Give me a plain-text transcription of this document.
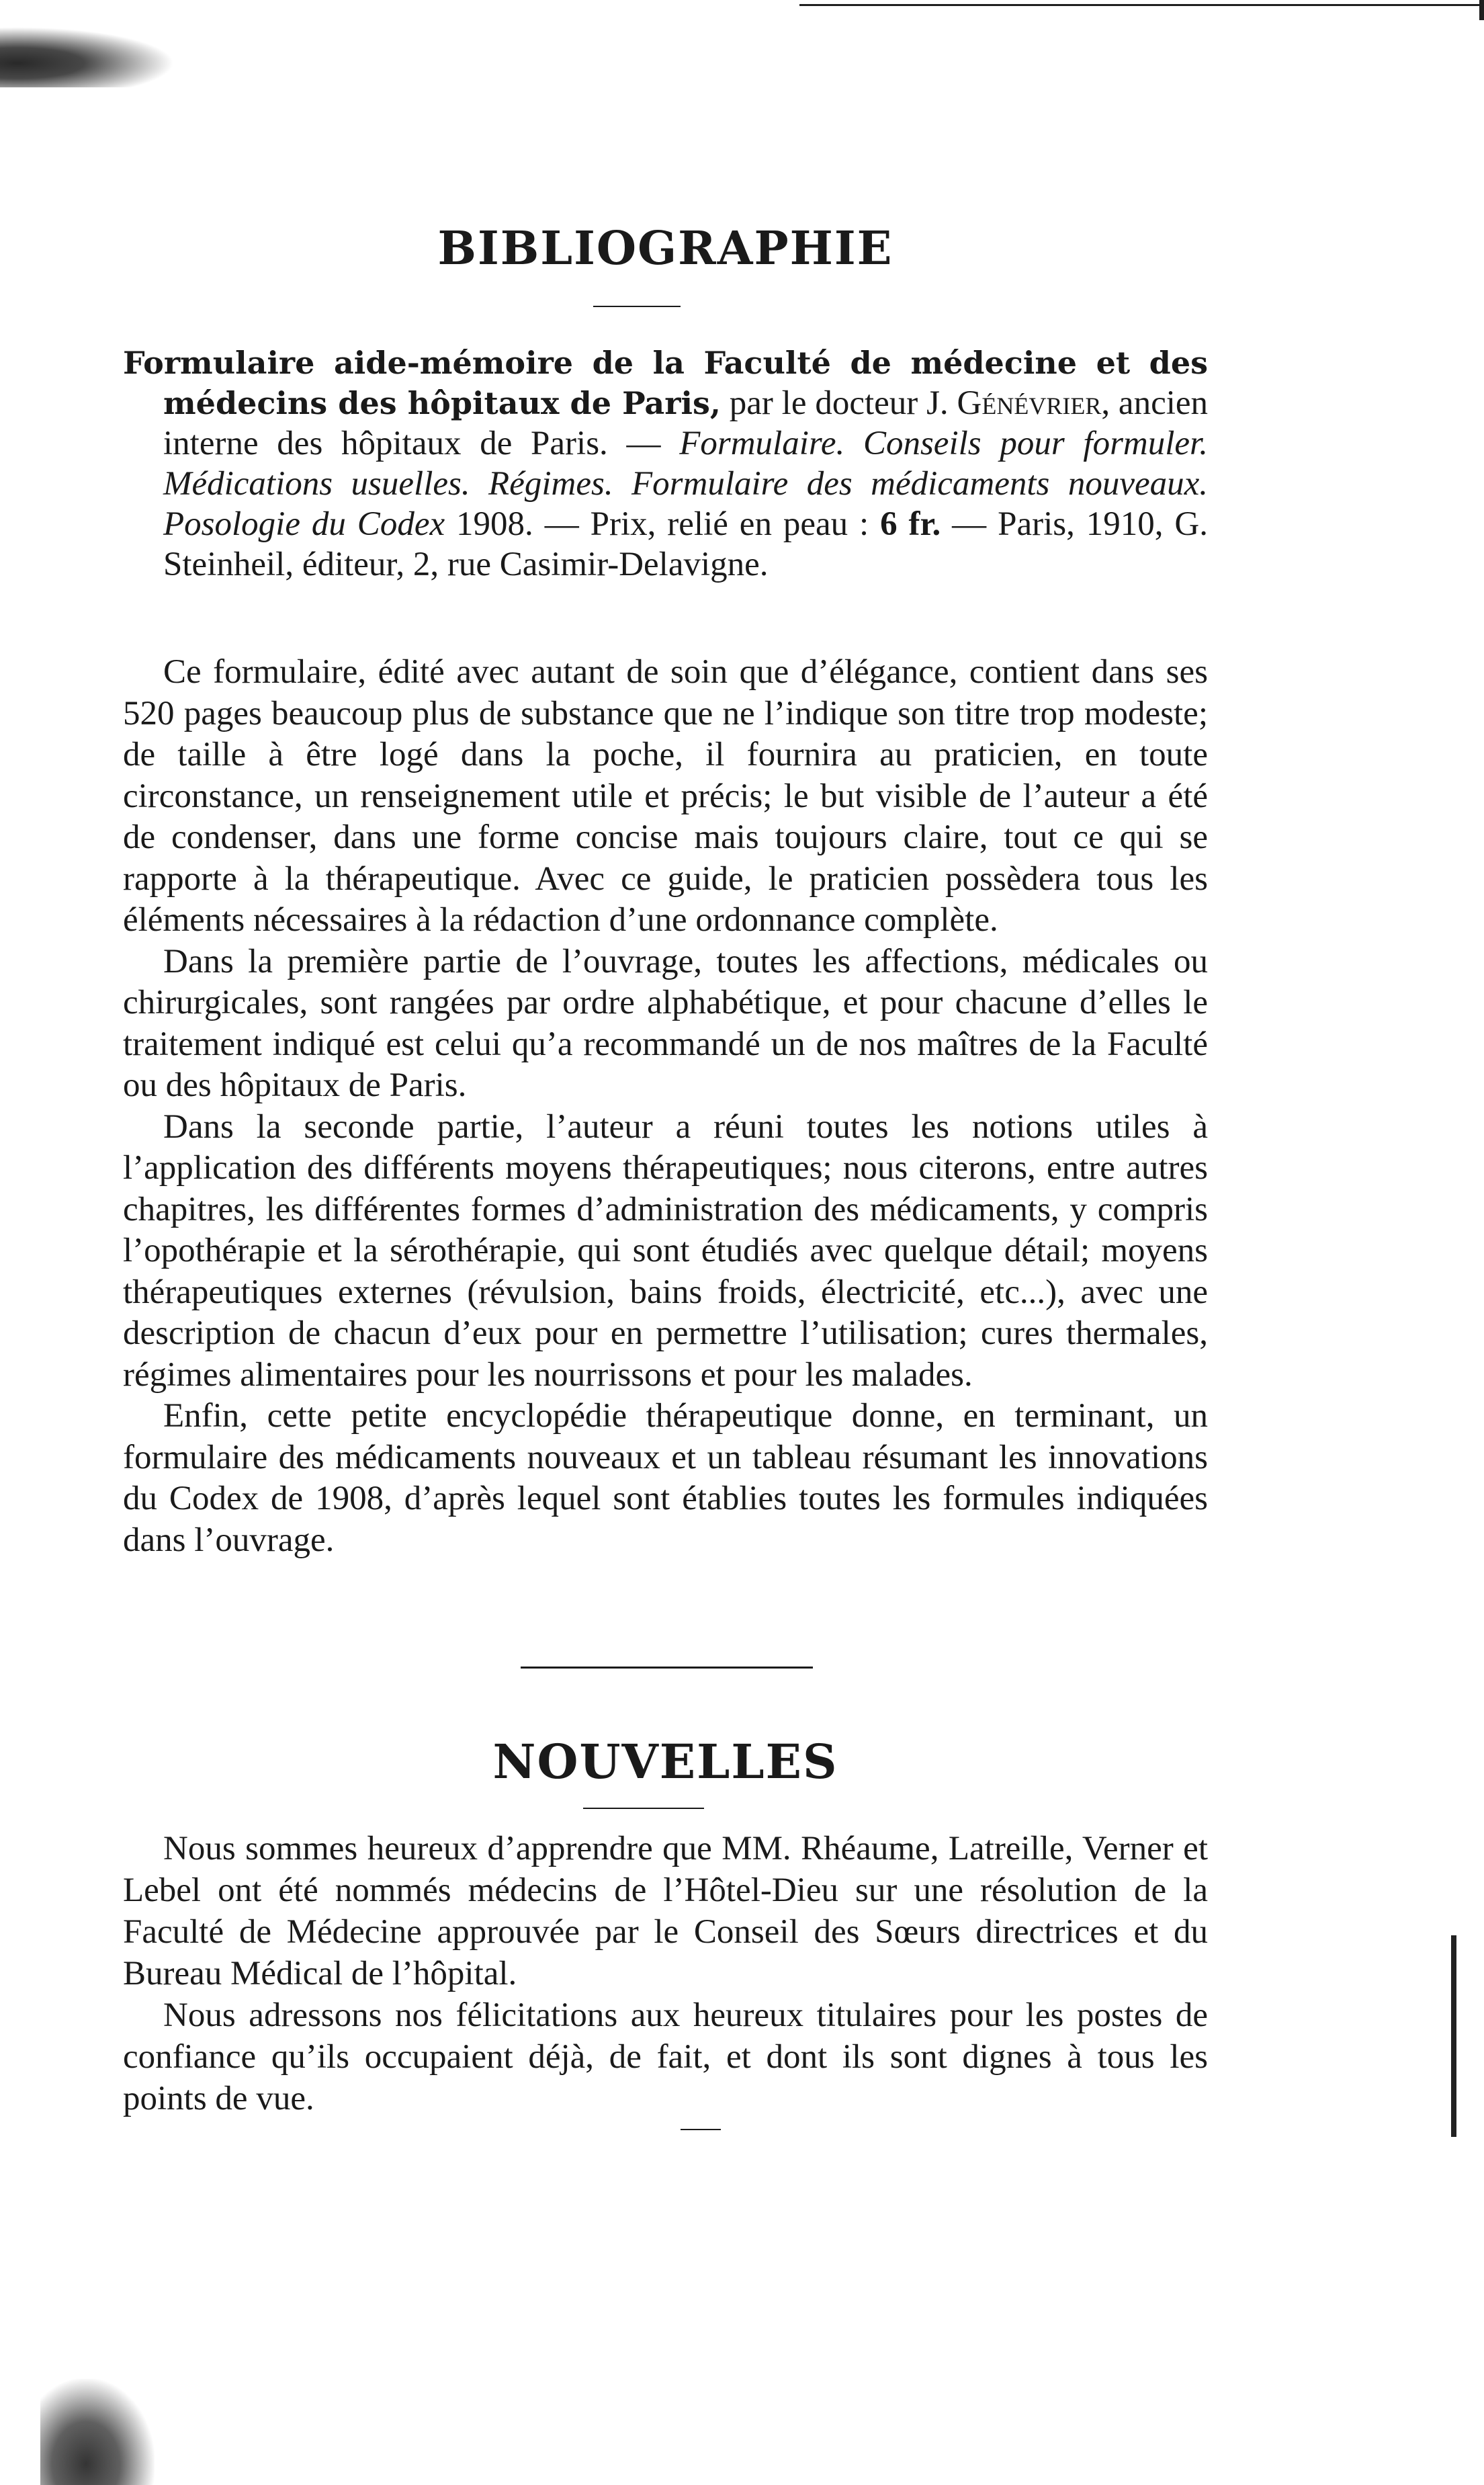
BIBLIOGRAPHIE
Formulaire aide-mémoire de la Faculté de médecine et des médecins des hôpitaux de Paris, par le docteur J. Génévrier, ancien interne des hôpitaux de Paris. — Formulaire. Conseils pour formuler. Médications usuelles. Régimes. Formulaire des médicaments nouveaux. Posologie du Codex 1908. — Prix, relié en peau : 6 fr. — Paris, 1910, G. Steinheil, éditeur, 2, rue Casimir-Delavigne.

Ce formulaire, édité avec autant de soin que d’élégance, contient dans ses 520 pages beaucoup plus de substance que ne l’indique son titre trop modeste; de taille à être logé dans la poche, il fournira au praticien, en toute circonstance, un renseignement utile et précis; le but visible de l’auteur a été de condenser, dans une forme concise mais toujours claire, tout ce qui se rapporte à la thérapeutique. Avec ce guide, le praticien possèdera tous les éléments nécessaires à la rédaction d’une ordonnance complète.

Dans la première partie de l’ouvrage, toutes les affections, médicales ou chirurgicales, sont rangées par ordre alphabétique, et pour chacune d’elles le traitement indiqué est celui qu’a recommandé un de nos maîtres de la Faculté ou des hôpitaux de Paris.

Dans la seconde partie, l’auteur a réuni toutes les notions utiles à l’application des différents moyens thérapeutiques; nous citerons, entre autres chapitres, les différentes formes d’administration des médicaments, y compris l’opothérapie et la sérothérapie, qui sont étudiés avec quelque détail; moyens thérapeutiques externes (révulsion, bains froids, électricité, etc...), avec une description de chacun d’eux pour en permettre l’utilisation; cures thermales, régimes alimentaires pour les nourrissons et pour les malades.

Enfin, cette petite encyclopédie thérapeutique donne, en terminant, un formulaire des médicaments nouveaux et un tableau résumant les innovations du Codex de 1908, d’après lequel sont établies toutes les formules indiquées dans l’ouvrage.

NOUVELLES

Nous sommes heureux d’apprendre que MM. Rhéaume, Latreille, Verner et Lebel ont été nommés médecins de l’Hôtel-Dieu sur une résolution de la Faculté de Médecine approuvée par le Conseil des Sœurs directrices et du Bureau Médical de l’hôpital.

Nous adressons nos félicitations aux heureux titulaires pour les postes de confiance qu’ils occupaient déjà, de fait, et dont ils sont dignes à tous les points de vue.
